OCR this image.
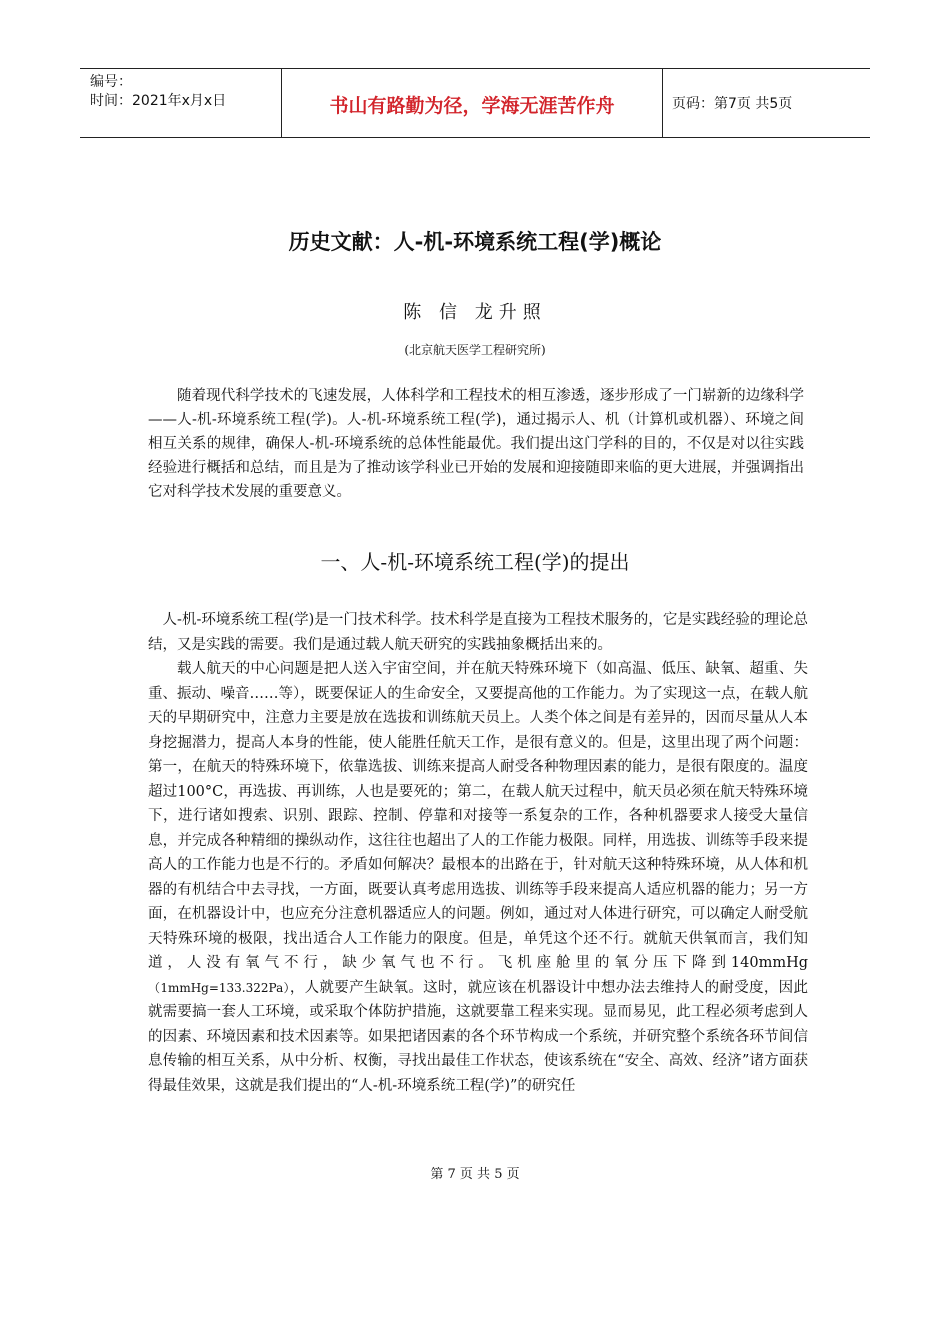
编号：
时间：2021年x月x日	书山有路勤为径，学海无涯苦作舟	页码：第7页 共5页
历史文献：人-机-环境系统工程(学)概论
陈 信 龙升照
(北京航天医学工程研究所)

随着现代科学技术的飞速发展，人体科学和工程技术的相互渗透，逐步形成了一门崭新的边缘科学——人-机-环境系统工程(学)。人-机-环境系统工程(学)，通过揭示人、机（计算机或机器）、环境之间相互关系的规律，确保人-机-环境系统的总体性能最优。我们提出这门学科的目的，不仅是对以往实践经验进行概括和总结，而且是为了推动该学科业已开始的发展和迎接随即来临的更大进展，并强调指出它对科学技术发展的重要意义。

一、人-机-环境系统工程(学)的提出

人-机-环境系统工程(学)是一门技术科学。技术科学是直接为工程技术服务的，它是实践经验的理论总结，又是实践的需要。我们是通过载人航天研究的实践抽象概括出来的。

载人航天的中心问题是把人送入宇宙空间，并在航天特殊环境下（如高温、低压、缺氧、超重、失重、振动、噪音……等），既要保证人的生命安全，又要提高他的工作能力。为了实现这一点，在载人航天的早期研究中，注意力主要是放在选拔和训练航天员上。人类个体之间是有差异的，因而尽量从人本身挖掘潜力，提高人本身的性能，使人能胜任航天工作，是很有意义的。但是，这里出现了两个问题：第一，在航天的特殊环境下，依靠选拔、训练来提高人耐受各种物理因素的能力，是很有限度的。温度超过100°C，再选拔、再训练，人也是要死的；第二，在载人航天过程中，航天员必须在航天特殊环境下，进行诸如搜索、识别、跟踪、控制、停靠和对接等一系复杂的工作，各种机器要求人接受大量信息，并完成各种精细的操纵动作，这往往也超出了人的工作能力极限。同样，用选拔、训练等手段来提高人的工作能力也是不行的。矛盾如何解决？最根本的出路在于，针对航天这种特殊环境，从人体和机器的有机结合中去寻找，一方面，既要认真考虑用选拔、训练等手段来提高人适应机器的能力；另一方面，在机器设计中，也应充分注意机器适应人的问题。例如，通过对人体进行研究，可以确定人耐受航天特殊环境的极限，找出适合人工作能力的限度。但是，单凭这个还不行。就航天供氧而言，我们知道，人没有氧气不行，缺少氧气也不行。飞机座舱里的氧分压下降到140mmHg（1mmHg=133.322Pa），人就要产生缺氧。这时，就应该在机器设计中想办法去维持人的耐受度，因此就需要搞一套人工环境，或采取个体防护措施，这就要靠工程来实现。显而易见，此工程必须考虑到人的因素、环境因素和技术因素等。如果把诸因素的各个环节构成一个系统，并研究整个系统各环节间信息传输的相互关系，从中分析、权衡，寻找出最佳工作状态，使该系统在“安全、高效、经济”诸方面获得最佳效果，这就是我们提出的“人-机-环境系统工程(学)”的研究任

第 7 页 共 5 页
